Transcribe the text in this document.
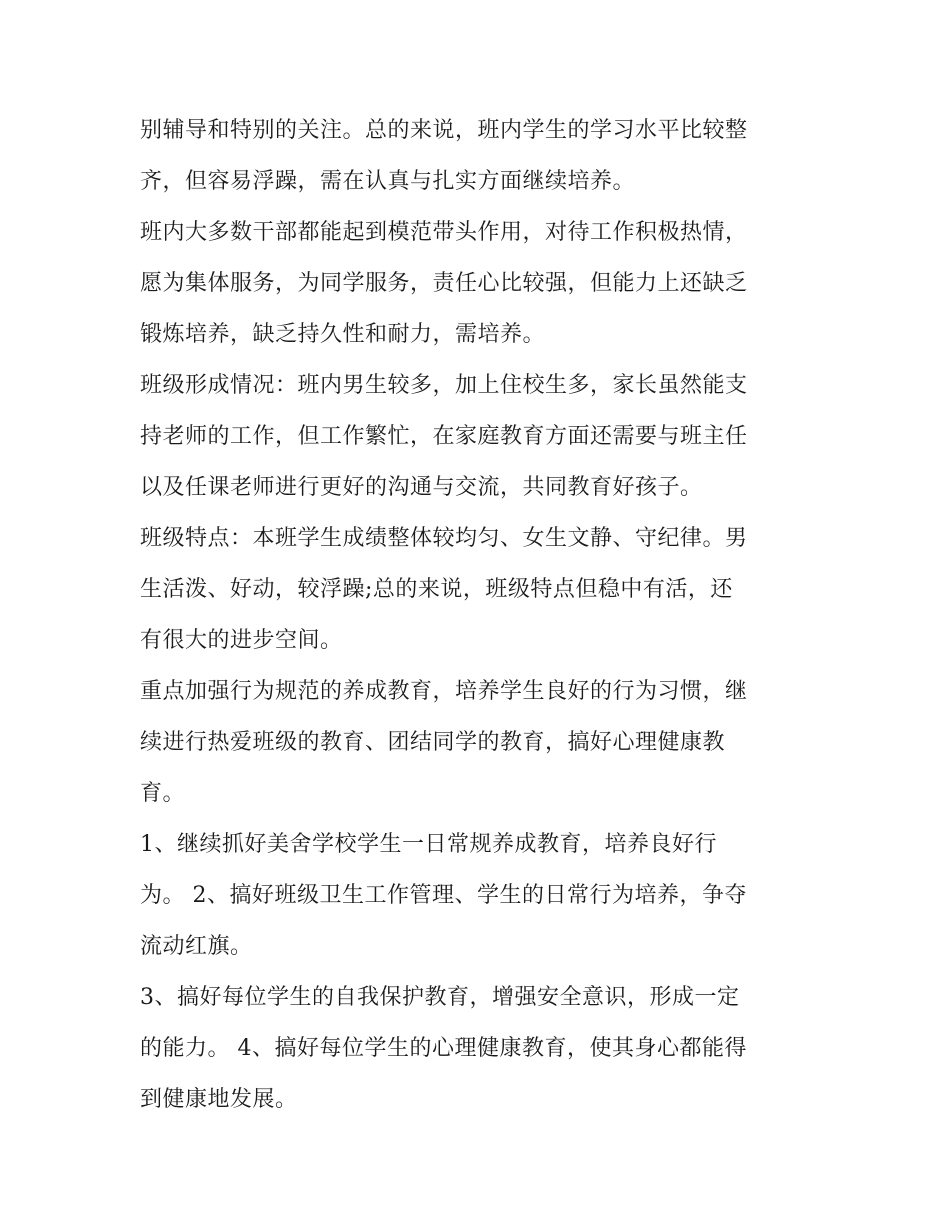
别辅导和特别的关注。总的来说，班内学生的学习水平比较整
齐，但容易浮躁，需在认真与扎实方面继续培养。
班内大多数干部都能起到模范带头作用，对待工作积极热情，
愿为集体服务，为同学服务，责任心比较强，但能力上还缺乏
锻炼培养，缺乏持久性和耐力，需培养。
班级形成情况：班内男生较多，加上住校生多，家长虽然能支
持老师的工作，但工作繁忙，在家庭教育方面还需要与班主任
以及任课老师进行更好的沟通与交流，共同教育好孩子。
班级特点：本班学生成绩整体较均匀、女生文静、守纪律。男
生活泼、好动，较浮躁;总的来说，班级特点但稳中有活，还
有很大的进步空间。
重点加强行为规范的养成教育，培养学生良好的行为习惯，继
续进行热爱班级的教育、团结同学的教育，搞好心理健康教
育。
1、继续抓好美舍学校学生一日常规养成教育，培养良好行
为。 2、搞好班级卫生工作管理、学生的日常行为培养，争夺
流动红旗。
3、搞好每位学生的自我保护教育，增强安全意识，形成一定
的能力。 4、搞好每位学生的心理健康教育，使其身心都能得
到健康地发展。
